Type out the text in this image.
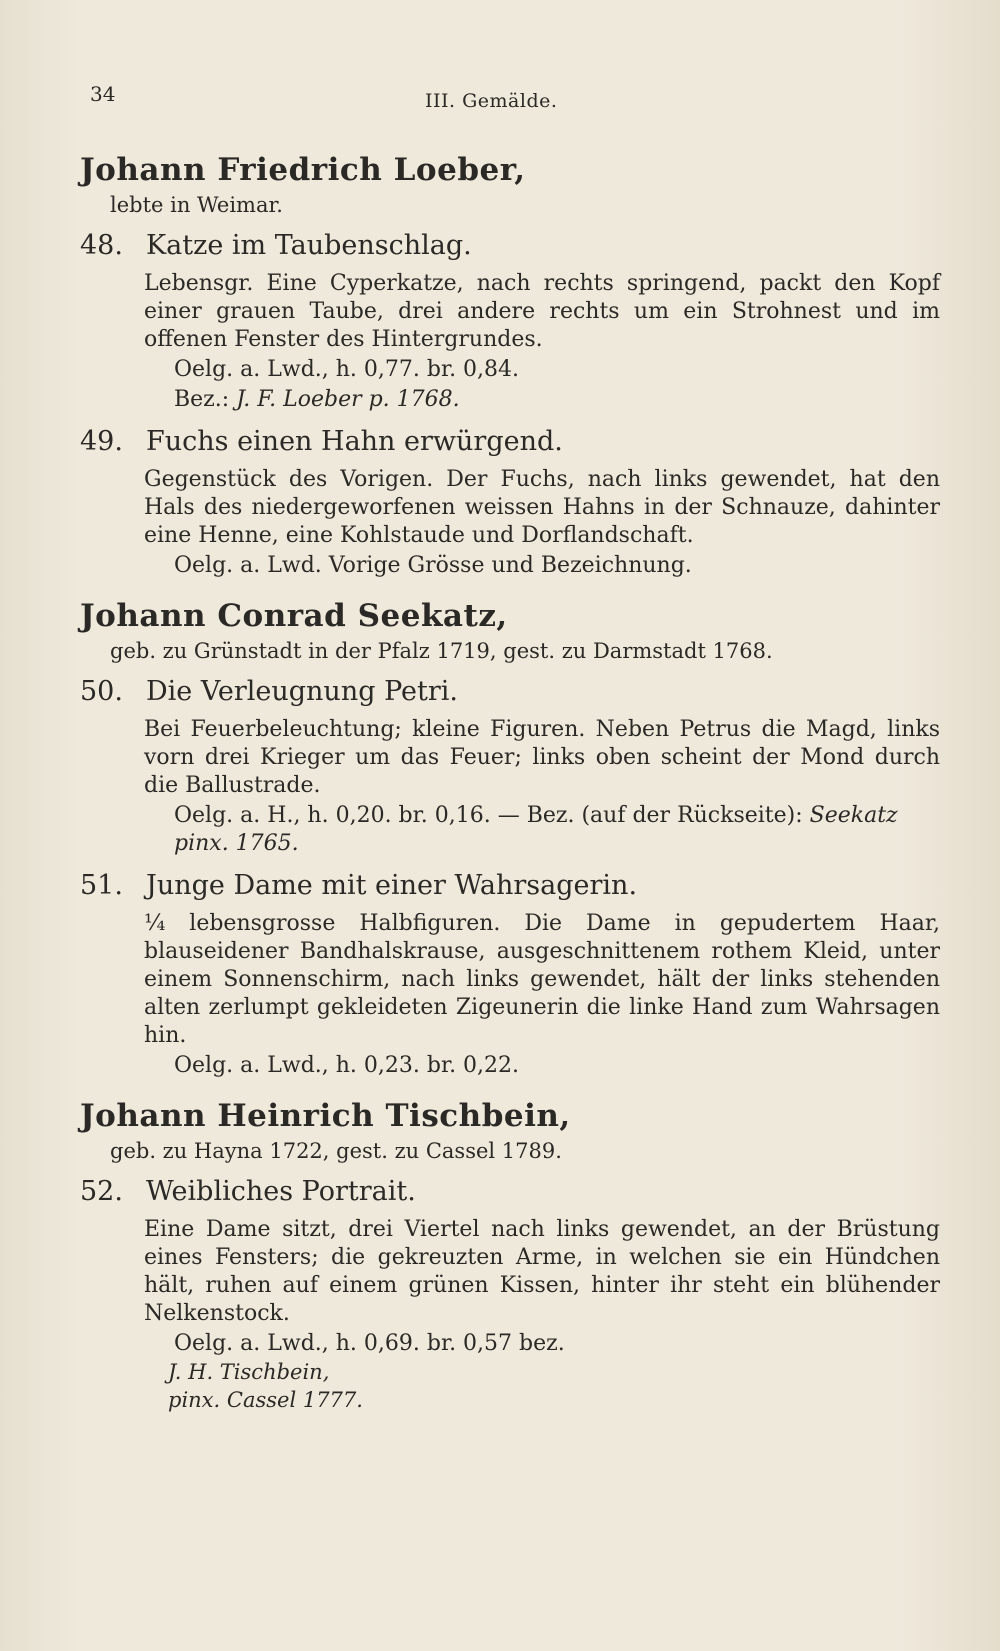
34	III. Gemälde.

Johann Friedrich Loeber,

lebte in Weimar.

48. Katze im Taubenschlag.

Lebensgr. Eine Cyperkatze, nach rechts springend, packt den Kopf einer grauen Taube, drei andere rechts um ein Strohnest und im offenen Fenster des Hintergrundes.

Oelg. a. Lwd., h. 0,77. br. 0,84.

Bez.: J. F. Loeber p. 1768.

49. Fuchs einen Hahn erwürgend.

Gegenstück des Vorigen. Der Fuchs, nach links gewendet, hat den Hals des niedergeworfenen weissen Hahns in der Schnauze, dahinter eine Henne, eine Kohlstaude und Dorflandschaft.

Oelg. a. Lwd. Vorige Grösse und Bezeichnung.

Johann Conrad Seekatz,

geb. zu Grünstadt in der Pfalz 1719, gest. zu Darmstadt 1768.

50. Die Verleugnung Petri.

Bei Feuerbeleuchtung; kleine Figuren. Neben Petrus die Magd, links vorn drei Krieger um das Feuer; links oben scheint der Mond durch die Ballustrade.

Oelg. a. H., h. 0,20. br. 0,16. — Bez. (auf der Rückseite): Seekatz pinx. 1765.

51. Junge Dame mit einer Wahrsagerin.

¼ lebensgrosse Halbfiguren. Die Dame in gepudertem Haar, blauseidener Bandhalskrause, ausgeschnittenem rothem Kleid, unter einem Sonnenschirm, nach links gewendet, hält der links stehenden alten zerlumpt gekleideten Zigeunerin die linke Hand zum Wahrsagen hin.

Oelg. a. Lwd., h. 0,23. br. 0,22.

Johann Heinrich Tischbein,

geb. zu Hayna 1722, gest. zu Cassel 1789.

52. Weibliches Portrait.

Eine Dame sitzt, drei Viertel nach links gewendet, an der Brüstung eines Fensters; die gekreuzten Arme, in welchen sie ein Hündchen hält, ruhen auf einem grünen Kissen, hinter ihr steht ein blühender Nelkenstock.

Oelg. a. Lwd., h. 0,69. br. 0,57 bez.

J. H. Tischbein,

pinx. Cassel 1777.
